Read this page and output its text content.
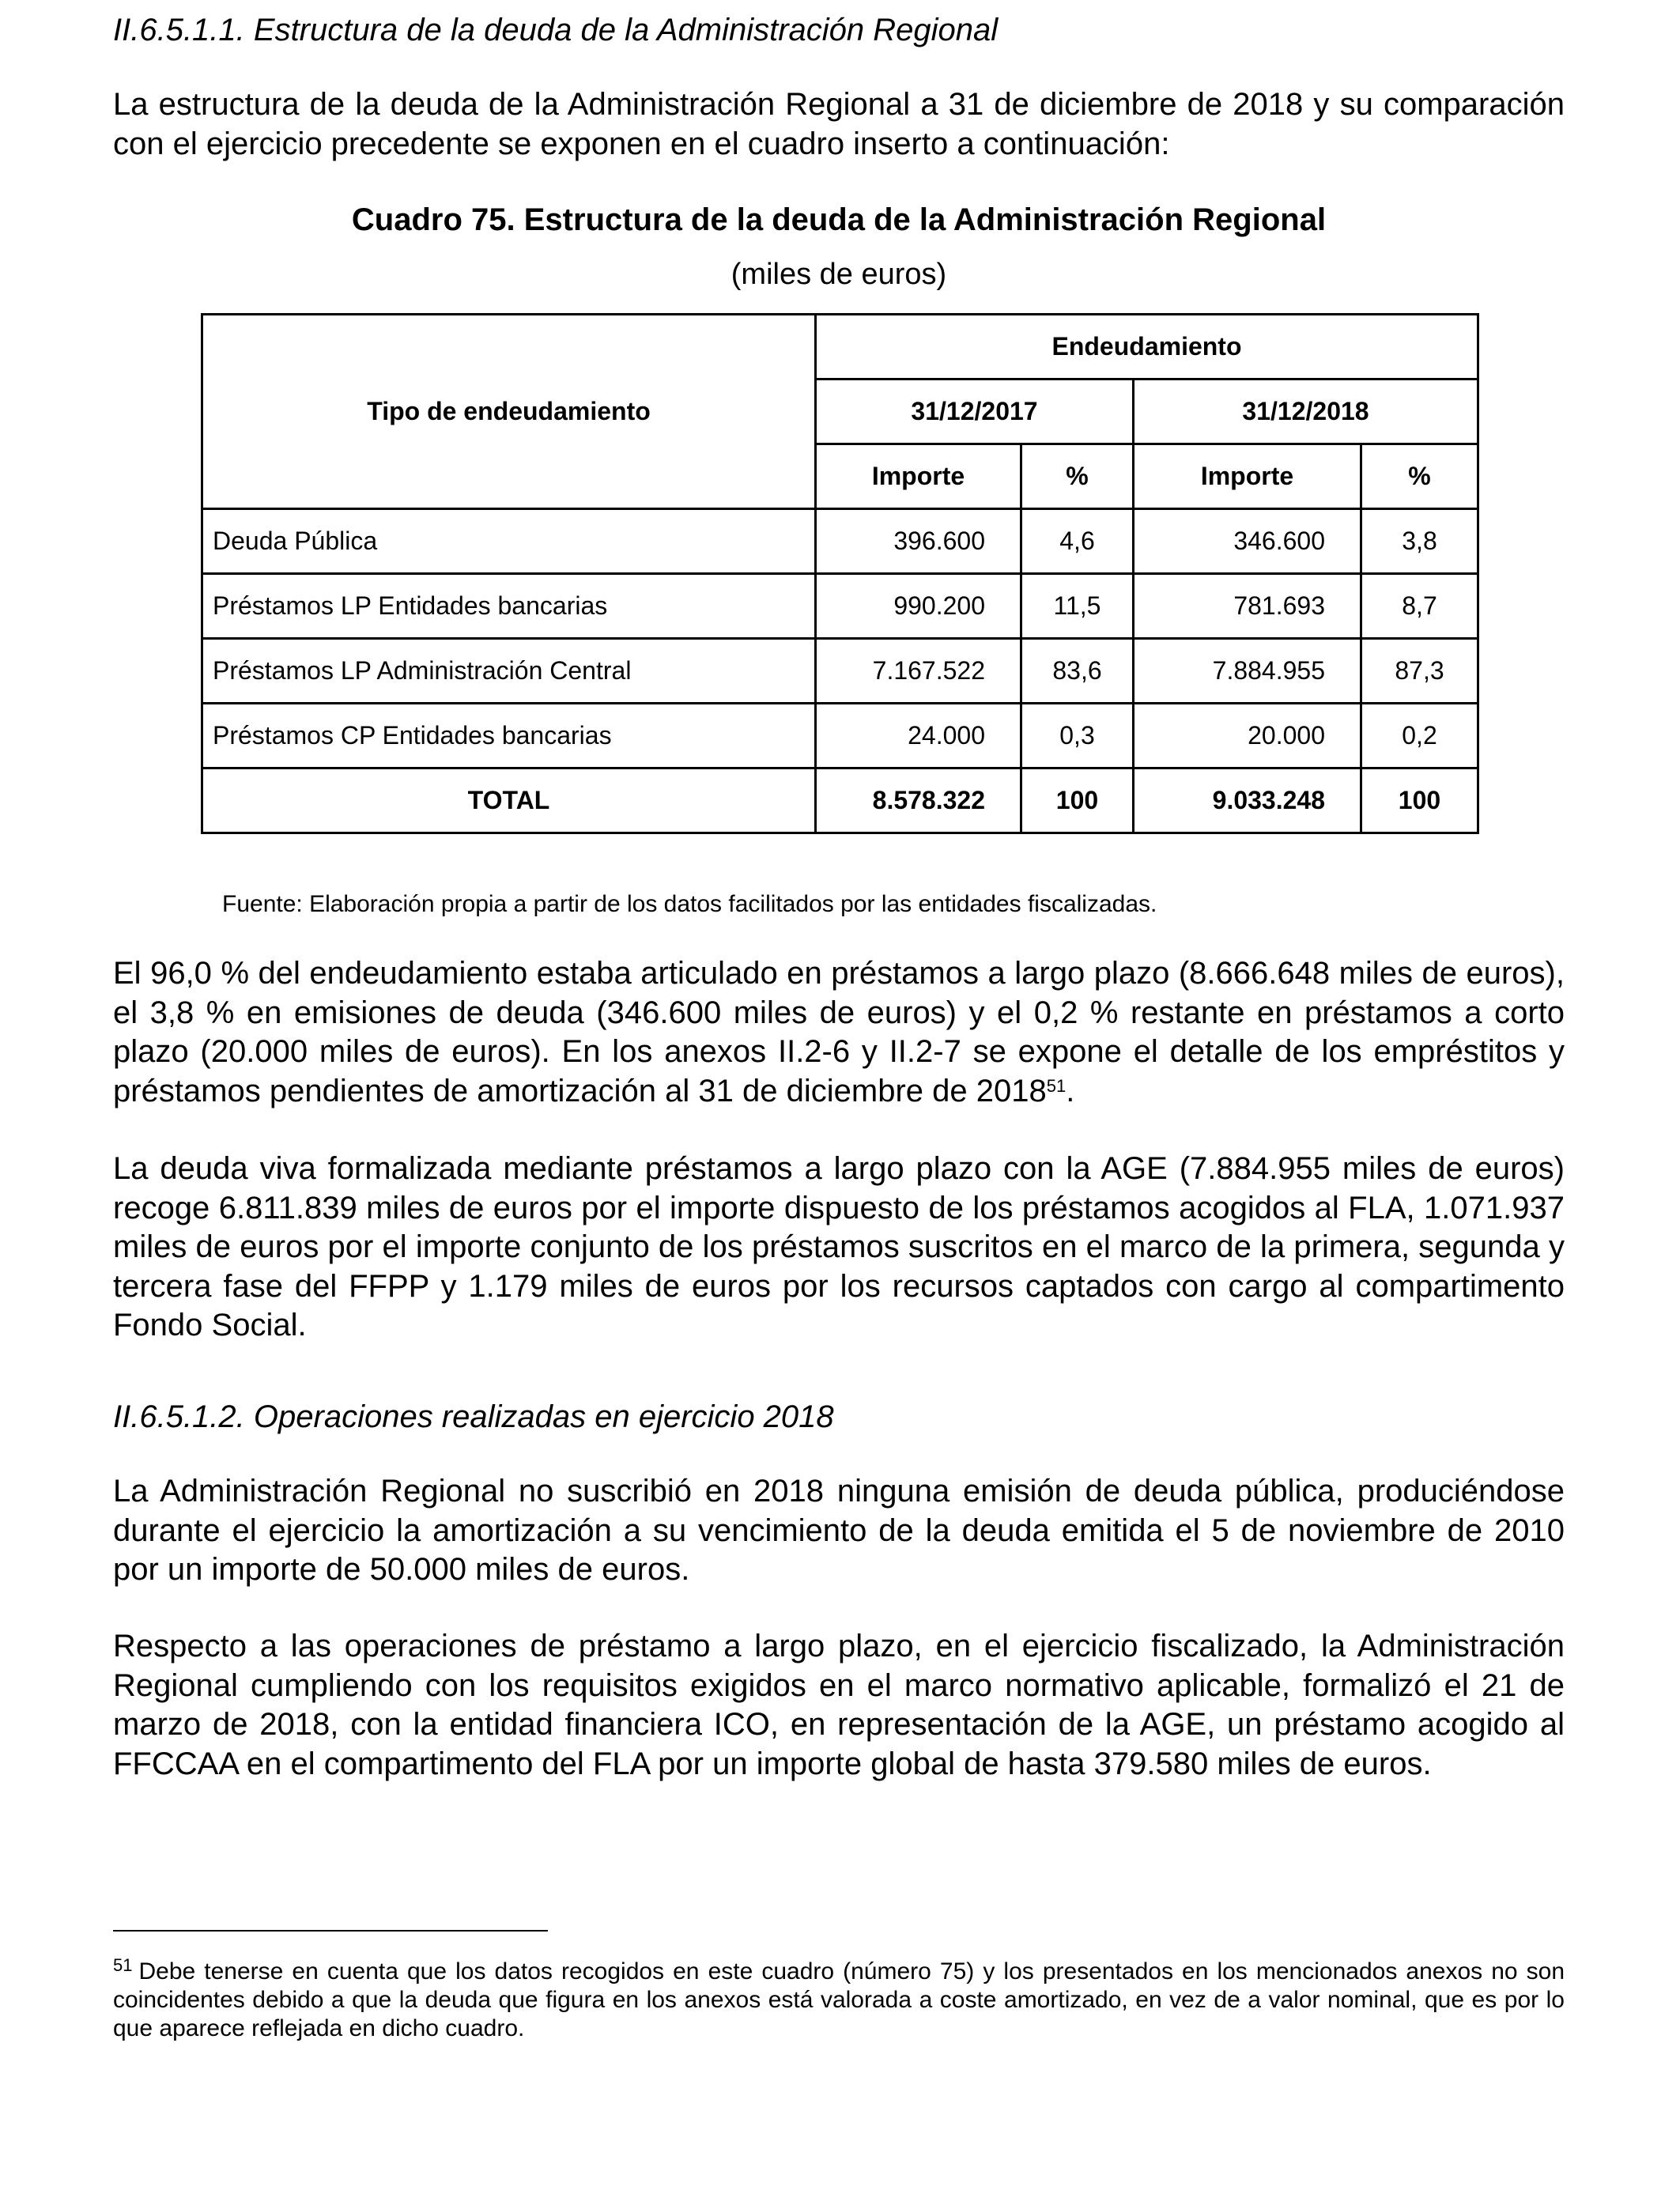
II.6.5.1.1. Estructura de la deuda de la Administración Regional
La estructura de la deuda de la Administración Regional a 31 de diciembre de 2018 y su comparación con el ejercicio precedente se exponen en el cuadro inserto a continuación:
Cuadro 75. Estructura de la deuda de la Administración Regional
(miles de euros)
Tipo de endeudamiento	Endeudamiento			
	31/12/2017		31/12/2018	
	Importe	%	Importe	%
Deuda Pública	396.600	4,6	346.600	3,8
Préstamos LP Entidades bancarias	990.200	11,5	781.693	8,7
Préstamos LP Administración Central	7.167.522	83,6	7.884.955	87,3
Préstamos CP Entidades bancarias	24.000	0,3	20.000	0,2
TOTAL	8.578.322	100	9.033.248	100
Fuente: Elaboración propia a partir de los datos facilitados por las entidades fiscalizadas.
El 96,0 % del endeudamiento estaba articulado en préstamos a largo plazo (8.666.648 miles de euros), el 3,8 % en emisiones de deuda (346.600 miles de euros) y el 0,2 % restante en préstamos a corto plazo (20.000 miles de euros). En los anexos II.2-6 y II.2-7 se expone el detalle de los empréstitos y préstamos pendientes de amortización al 31 de diciembre de 2018$^{51}$.
La deuda viva formalizada mediante préstamos a largo plazo con la AGE (7.884.955 miles de euros) recoge 6.811.839 miles de euros por el importe dispuesto de los préstamos acogidos al FLA, 1.071.937 miles de euros por el importe conjunto de los préstamos suscritos en el marco de la primera, segunda y tercera fase del FFPP y 1.179 miles de euros por los recursos captados con cargo al compartimento Fondo Social.
II.6.5.1.2. Operaciones realizadas en ejercicio 2018
La Administración Regional no suscribió en 2018 ninguna emisión de deuda pública, produciéndose durante el ejercicio la amortización a su vencimiento de la deuda emitida el 5 de noviembre de 2010 por un importe de 50.000 miles de euros.
Respecto a las operaciones de préstamo a largo plazo, en el ejercicio fiscalizado, la Administración Regional cumpliendo con los requisitos exigidos en el marco normativo aplicable, formalizó el 21 de marzo de 2018, con la entidad financiera ICO, en representación de la AGE, un préstamo acogido al FFCCAA en el compartimento del FLA por un importe global de hasta 379.580 miles de euros.
$^{51}$ Debe tenerse en cuenta que los datos recogidos en este cuadro (número 75) y los presentados en los mencionados anexos no son coincidentes debido a que la deuda que figura en los anexos está valorada a coste amortizado, en vez de a valor nominal, que es por lo que aparece reflejada en dicho cuadro.
